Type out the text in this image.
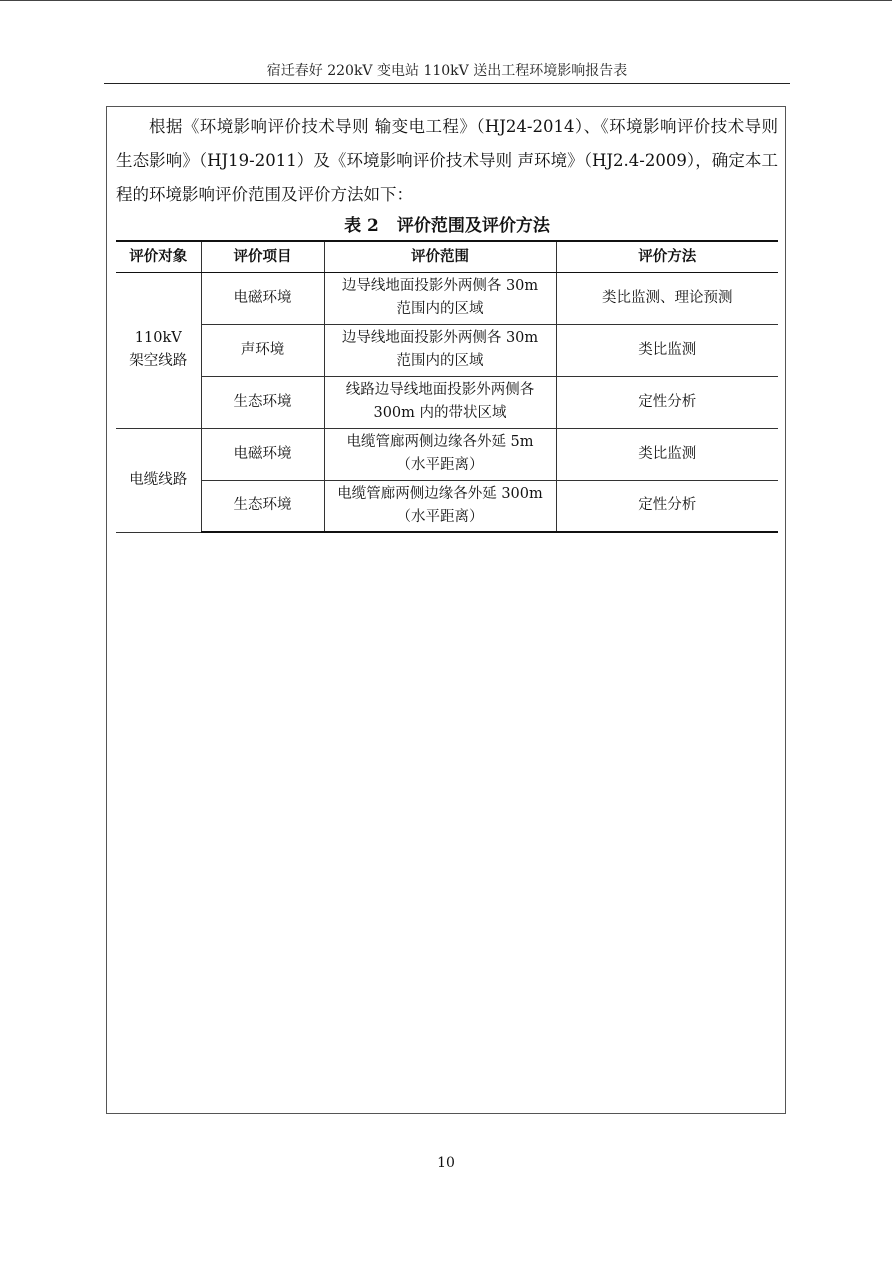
宿迁春好 220kV 变电站 110kV 送出工程环境影响报告表

根据《环境影响评价技术导则 输变电工程》（HJ24-2014）、《环境影响评价技术导则 生态影响》（HJ19-2011）及《环境影响评价技术导则 声环境》（HJ2.4-2009），确定本工程的环境影响评价范围及评价方法如下：

表 2 评价范围及评价方法
评价对象	评价项目	评价范围	评价方法
110kV 架空线路	电磁环境	边导线地面投影外两侧各 30m 范围内的区域	类比监测、理论预测
	声环境	边导线地面投影外两侧各 30m 范围内的区域	类比监测
	生态环境	线路边导线地面投影外两侧各 300m 内的带状区域	定性分析
电缆线路	电磁环境	电缆管廊两侧边缘各外延 5m（水平距离）	类比监测
	生态环境	电缆管廊两侧边缘各外延 300m（水平距离）	定性分析
10
